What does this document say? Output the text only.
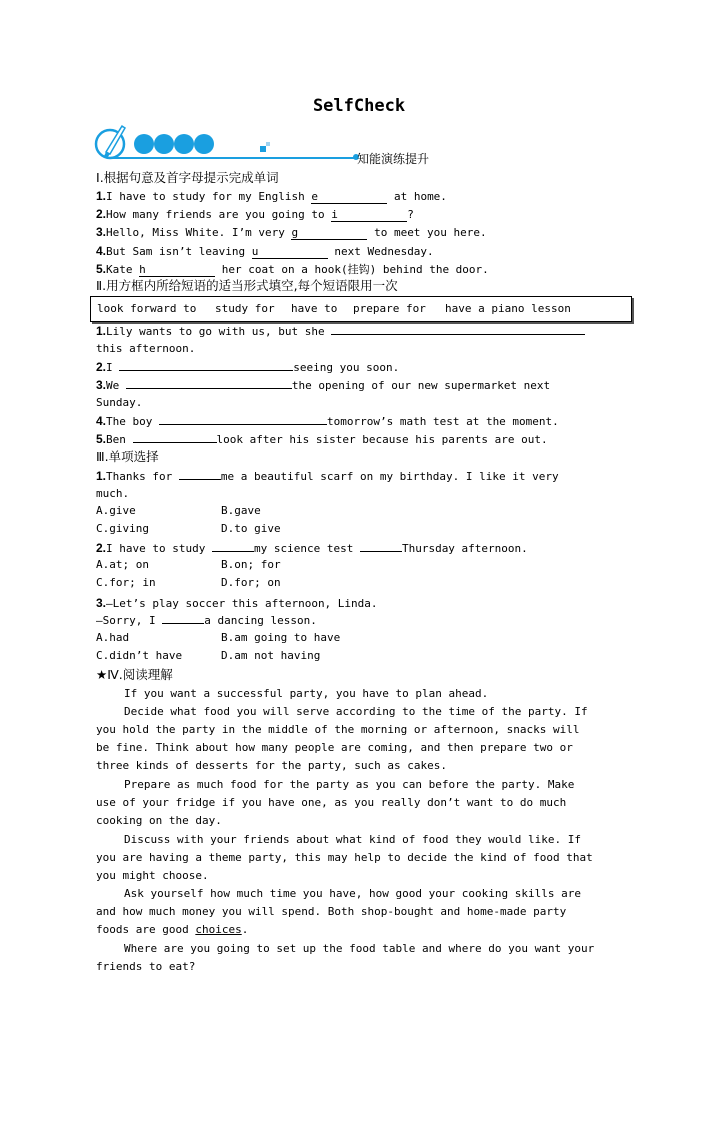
SelfCheck
知能演练提升
Ⅰ.根据句意及首字母提示完成单词
1.I have to study for my English e	at home.
2.How many friends are you going to i	?
3.Hello, Miss White. I’m very g	to meet you here.
4.But Sam isn’t leaving u	next Wednesday.
5.Kate h	her coat on a hook(挂钩) behind the door.
Ⅱ.用方框内所给短语的适当形式填空,每个短语限用一次
look forward to study for have to prepare for have a piano lesson
1.Lily wants to go with us, but she
this afternoon.
2.I	seeing you soon.
3.We	the opening of our new supermarket next
Sunday.
4.The boy	tomorrow’s math test at the moment.
5.Ben	look after his sister because his parents are out.
Ⅲ.单项选择
1.Thanks for	me a beautiful scarf on my birthday. I like it very
much.
A.give	B.gave
C.giving	D.to give
2.I have to study	my science test	Thursday afternoon.
A.at; on	B.on; for
C.for; in	D.for; on
3.—Let’s play soccer this afternoon, Linda.
—Sorry, I	a dancing lesson.
A.had	B.am going to have
C.didn’t have	D.am not having
★Ⅳ.阅读理解
If you want a successful party, you have to plan ahead.
Decide what food you will serve according to the time of the party. If
you hold the party in the middle of the morning or afternoon, snacks will
be fine. Think about how many people are coming, and then prepare two or
three kinds of desserts for the party, such as cakes.
Prepare as much food for the party as you can before the party. Make
use of your fridge if you have one, as you really don’t want to do much
cooking on the day.
Discuss with your friends about what kind of food they would like. If
you are having a theme party, this may help to decide the kind of food that
you might choose.
Ask yourself how much time you have, how good your cooking skills are
and how much money you will spend. Both shop-bought and home-made party
foods are good choices.
Where are you going to set up the food table and where do you want your
friends to eat?
